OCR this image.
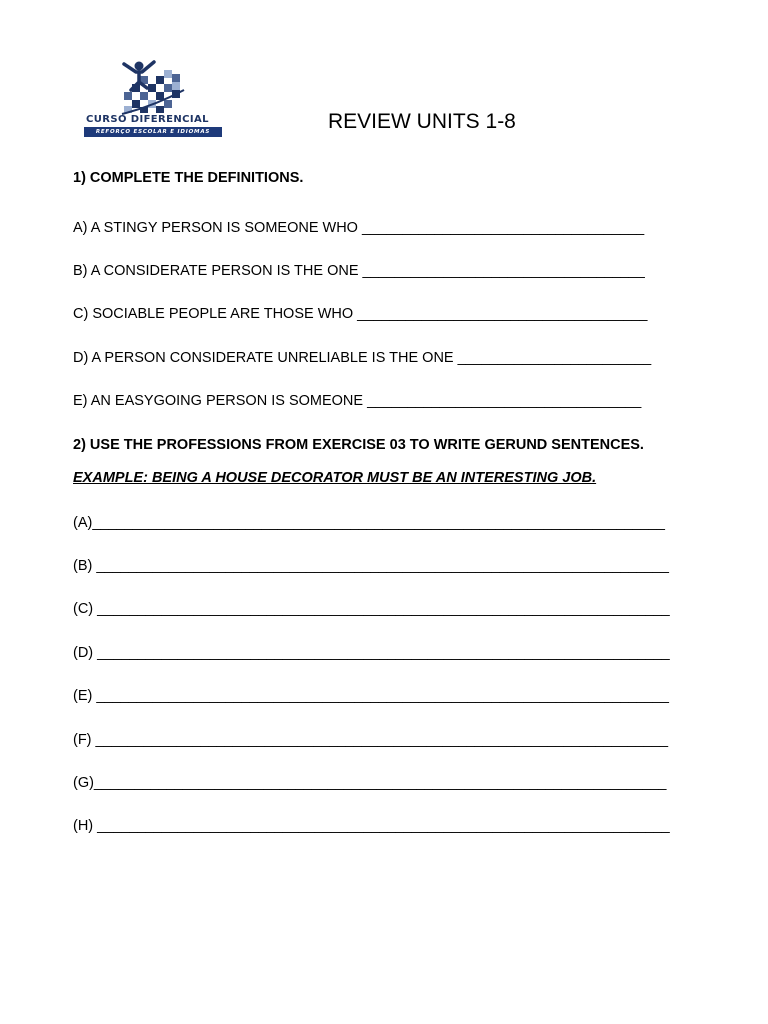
CURSO DIFERENCIAL
REFORÇO ESCOLAR E IDIOMAS	REVIEW UNITS 1-8
1) COMPLETE THE DEFINITIONS.
A) A STINGY PERSON IS SOMEONE WHO ___________________________________
B) A CONSIDERATE PERSON IS THE ONE ___________________________________
C) SOCIABLE PEOPLE ARE THOSE WHO ____________________________________
D) A PERSON CONSIDERATE UNRELIABLE IS THE ONE ________________________
E) AN EASYGOING PERSON IS SOMEONE __________________________________
2) USE THE PROFESSIONS FROM EXERCISE 03 TO WRITE GERUND SENTENCES.
EXAMPLE: BEING A HOUSE DECORATOR MUST BE AN INTERESTING JOB.
(A)_______________________________________________________________________
(B) _______________________________________________________________________
(C) _______________________________________________________________________
(D) _______________________________________________________________________
(E) _______________________________________________________________________
(F) _______________________________________________________________________
(G)_______________________________________________________________________
(H) _______________________________________________________________________
